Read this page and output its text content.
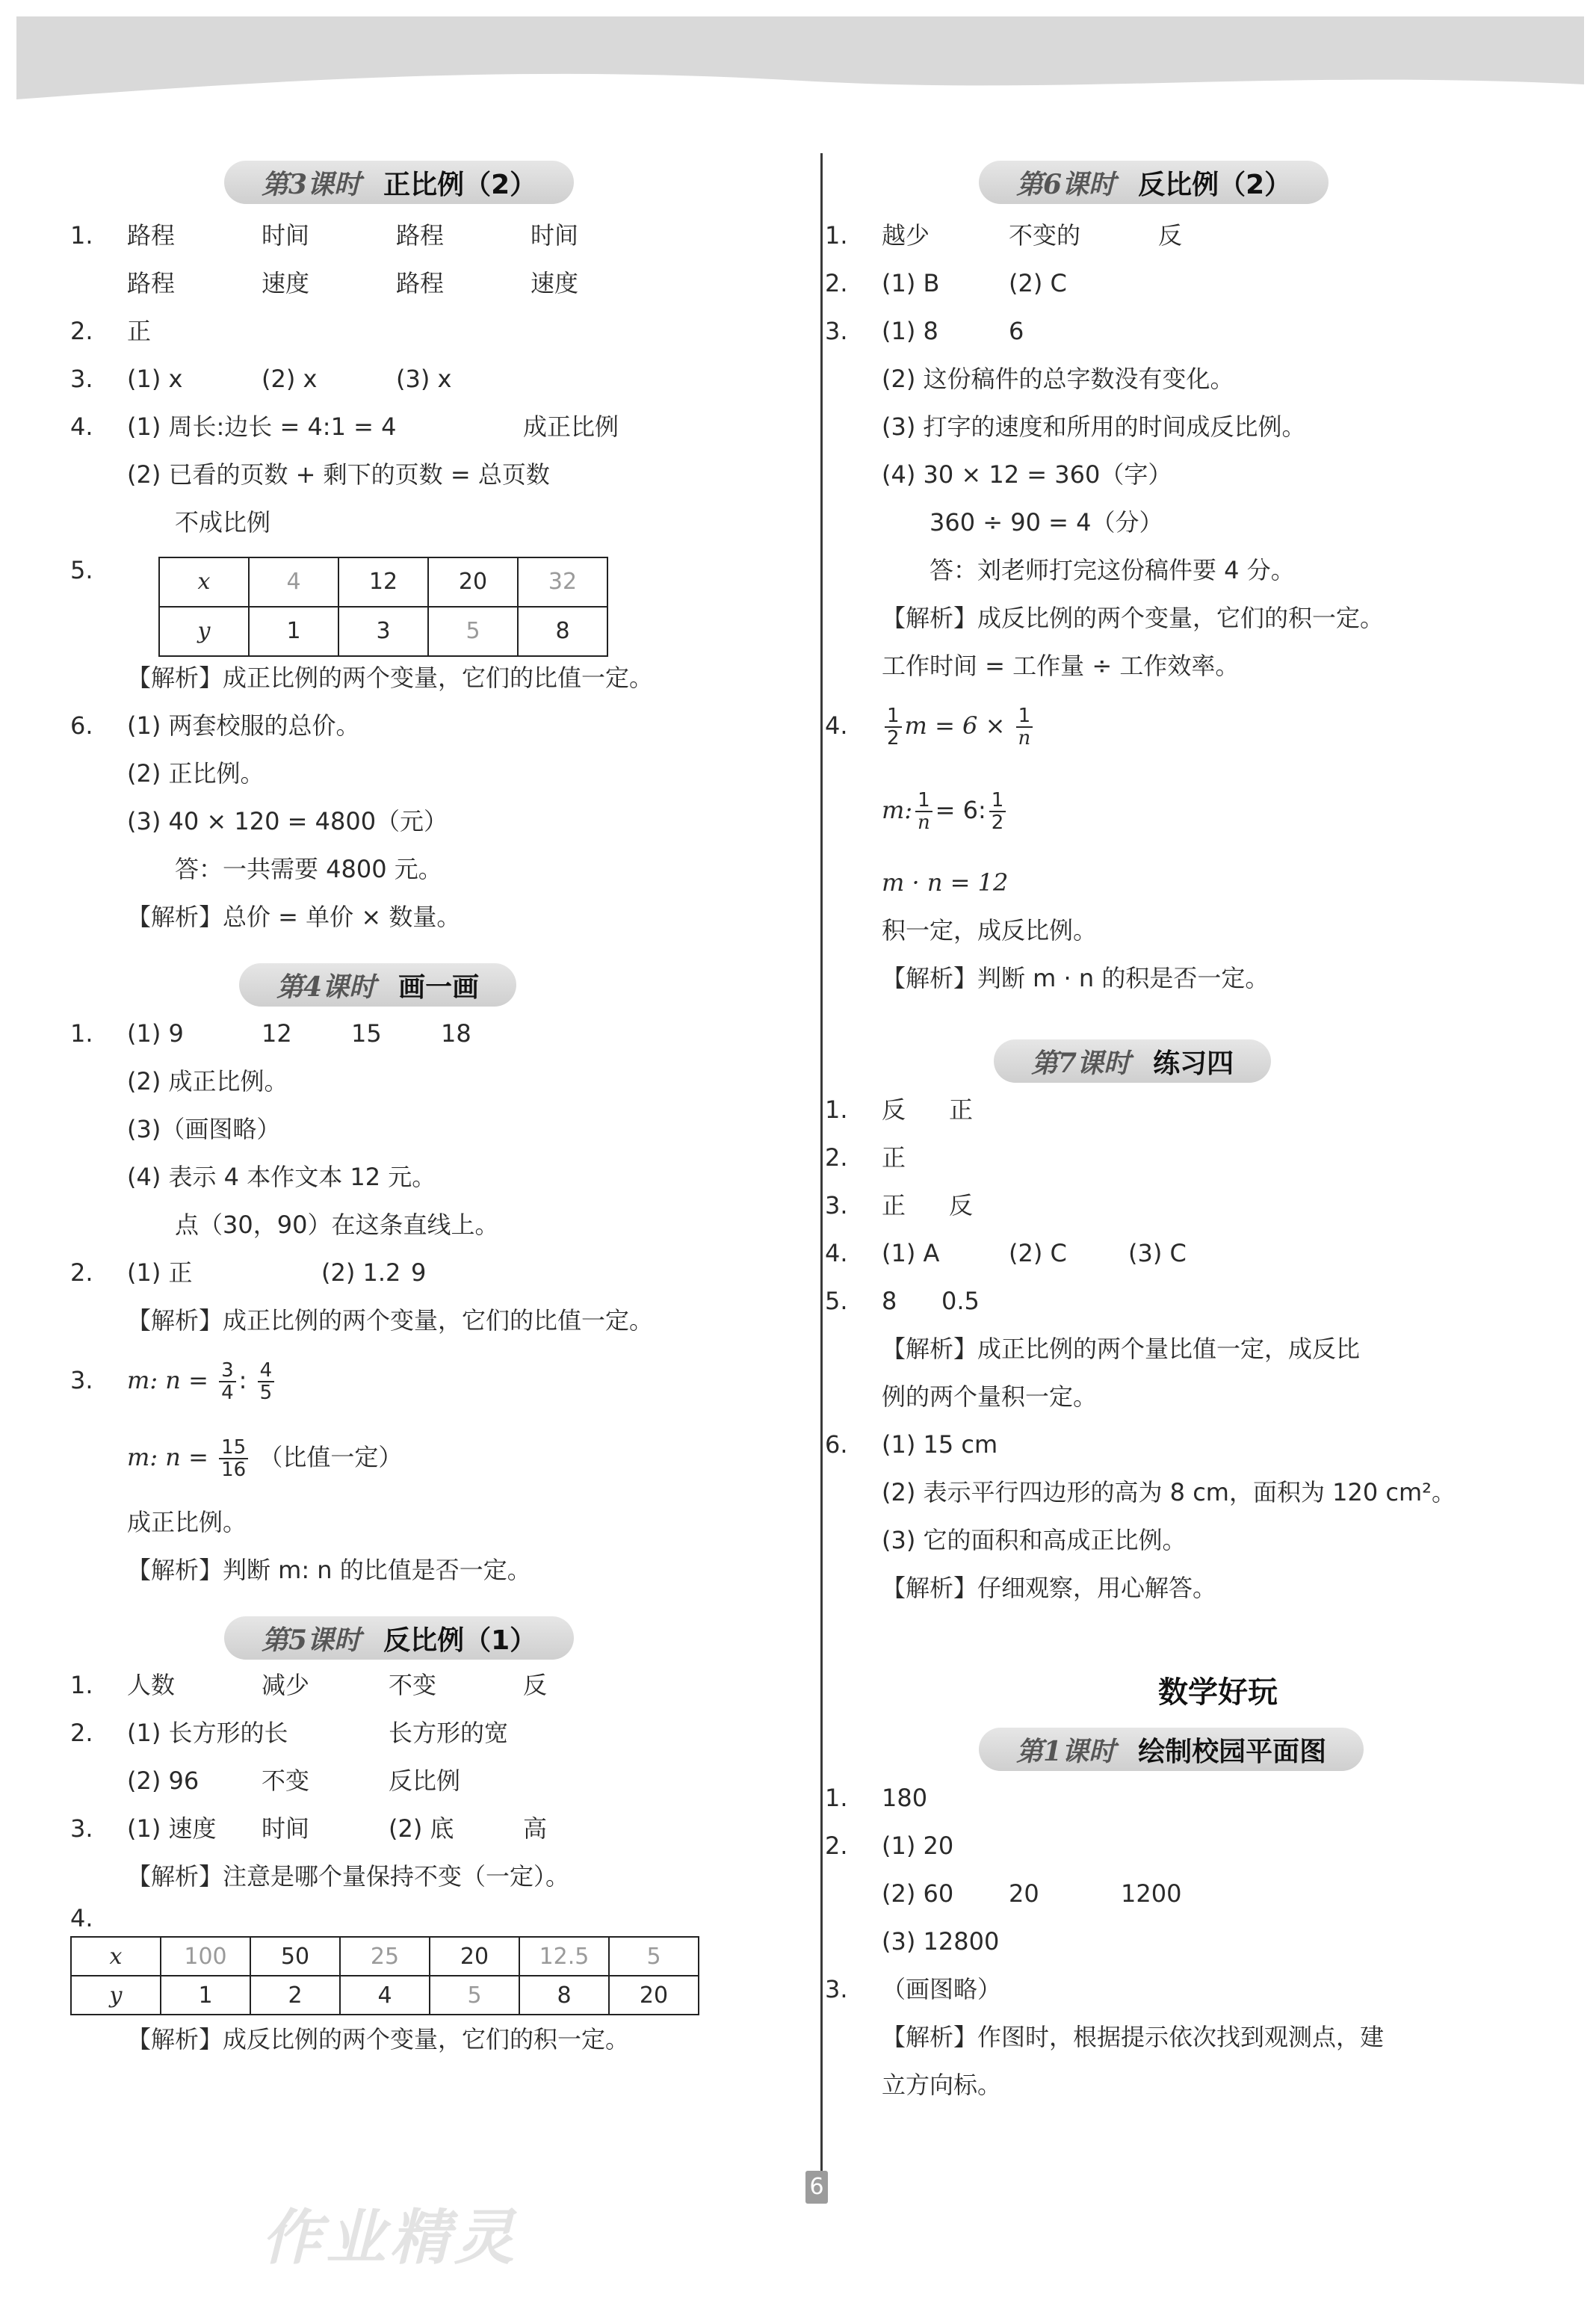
第3课时 正比例（2）
1.	路程	时间	路程	时间
路程	速度	路程	速度
2.	正
3.	(1) x	(2) x	(3) x
4.	(1) 周长:边长 = 4:1 = 4	成正比例
(2) 已看的页数 + 剩下的页数 = 总页数
不成比例
5.	x	4	12	20	32
y	1	3	5	8
【解析】成正比例的两个变量，它们的比值一定。
6.	(1) 两套校服的总价。
(2) 正比例。
(3) 40 × 120 = 4800（元）
答：一共需要 4800 元。
【解析】总价 = 单价 × 数量。
第4课时 画一画
1.	(1) 9	12 15 18
(2) 成正比例。
(3)（画图略）
(4) 表示 4 本作文本 12 元。
点（30，90）在这条直线上。
2.	(1) 正	(2) 1.2 9
【解析】成正比例的两个变量，它们的比值一定。
3.	m: $n = \frac{3}{4}$ : $\frac{4}{5}$
m: $n = \frac{15}{16}$ （比值一定）
成正比例。
【解析】判断 m: n 的比值是否一定。
第5课时 反比例（1）
1.	人数	减少	不变	反
2.	(1) 长方形的长	长方形的宽
(2) 96	不变	反比例
3.	(1) 速度 时间	(2) 底	高
【解析】注意是哪个量保持不变（一定）。
4.
x	100	50	25	20	12.5	5
y	1	2	4	5	8	20
【解析】成反比例的两个变量，它们的积一定。
第6课时 反比例（2）
1.	越少	不变的	反
2.	(1) B	(2) C
3.	(1) 8	6
(2) 这份稿件的总字数没有变化。
(3) 打字的速度和所用的时间成反比例。
(4) 30 × 12 = 360（字）
360 ÷ 90 = 4（分）
答：刘老师打完这份稿件要 4 分。
【解析】成反比例的两个变量，它们的积一定。
工作时间 = 工作量 ÷ 工作效率。
4.	$\frac{1}{2}$ $m = 6 \times \frac{1}{n}$
m: $\frac{1}{n} = 6$: $\frac{1}{2}$
m · n = 12
积一定，成反比例。
【解析】判断 m · n 的积是否一定。
第7课时 练习四
1.	反 正
2.	正
3.	正 反
4.	(1) A	(2) C	(3) C
5.	8 0.5
【解析】成正比例的两个量比值一定，成反比
例的两个量积一定。
6.	(1) 15 cm
(2) 表示平行四边形的高为 8 cm，面积为 120 cm²。
(3) 它的面积和高成正比例。
【解析】仔细观察，用心解答。
数学好玩
第1课时 绘制校园平面图
1.	180
2.	(1) 20
(2) 60 20	1200
(3) 12800
3.	（画图略）
【解析】作图时，根据提示依次找到观测点，建
立方向标。
作业精灵
6
